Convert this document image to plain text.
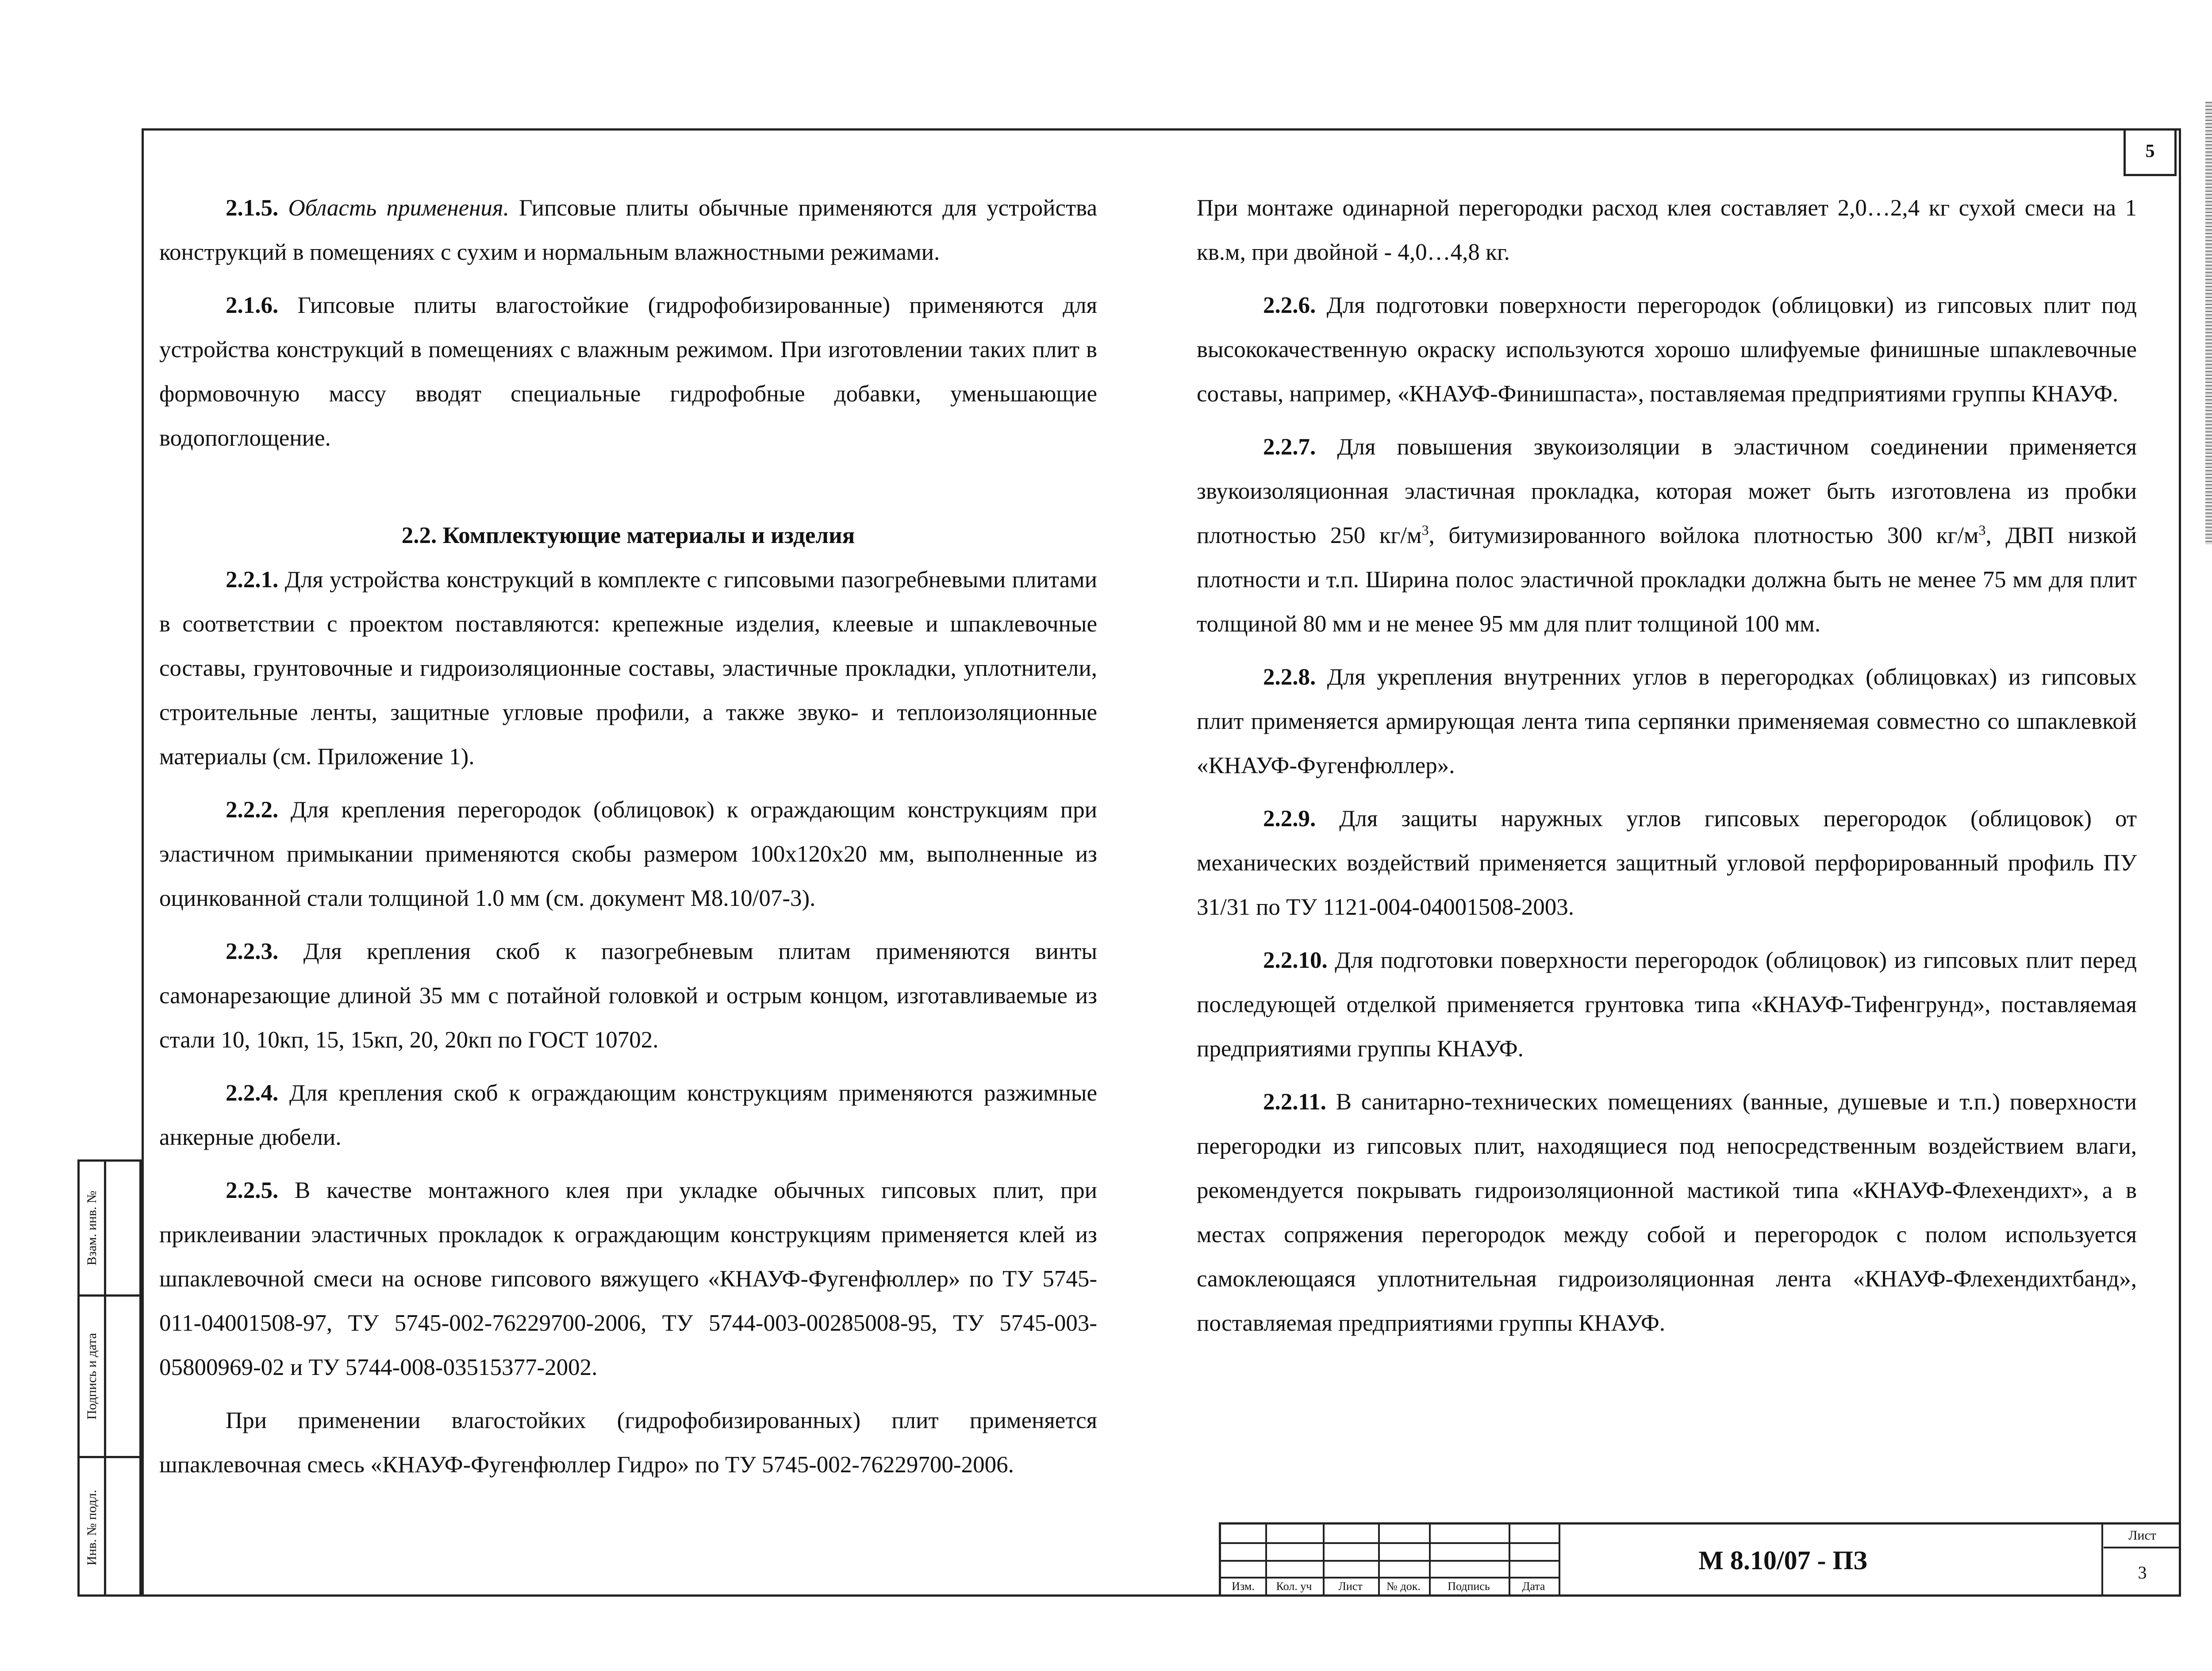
5

2.1.5. Область применения. Гипсовые плиты обычные применяются для устройства конструкций в помещениях с сухим и нормальным влажностными режимами.

2.1.6. Гипсовые плиты влагостойкие (гидрофобизированные) применяются для устройства конструкций в помещениях с влажным режимом. При изготовлении таких плит в формовочную массу вводят специальные гидрофобные добавки, уменьшающие водопоглощение.

2.2. Комплектующие материалы и изделия

2.2.1. Для устройства конструкций в комплекте с гипсовыми пазогребневыми плитами в соответствии с проектом поставляются: крепежные изделия, клеевые и шпаклевочные составы, грунтовочные и гидроизоляционные составы, эластичные прокладки, уплотнители, строительные ленты, защитные угловые профили, а также звуко- и теплоизоляционные материалы (см. Приложение 1).

2.2.2. Для крепления перегородок (облицовок) к ограждающим конструкциям при эластичном примыкании применяются скобы размером 100х120х20 мм, выполненные из оцинкованной стали толщиной 1.0 мм (см. документ М8.10/07-3).

2.2.3. Для крепления скоб к пазогребневым плитам применяются винты самонарезающие длиной 35 мм с потайной головкой и острым концом, изготавливаемые из стали 10, 10кп, 15, 15кп, 20, 20кп по ГОСТ 10702.

2.2.4. Для крепления скоб к ограждающим конструкциям применяются разжимные анкерные дюбели.

2.2.5. В качестве монтажного клея при укладке обычных гипсовых плит, при приклеивании эластичных прокладок к ограждающим конструкциям применяется клей из шпаклевочной смеси на основе гипсового вяжущего «КНАУФ-Фугенфюллер» по ТУ 5745-011-04001508-97, ТУ 5745-002-76229700-2006, ТУ 5744-003-00285008-95, ТУ 5745-003-05800969-02 и ТУ 5744-008-03515377-2002.

При применении влагостойких (гидрофобизированных) плит применяется шпаклевочная смесь «КНАУФ-Фугенфюллер Гидро» по ТУ 5745-002-76229700-2006.

При монтаже одинарной перегородки расход клея составляет 2,0…2,4 кг сухой смеси на 1 кв.м, при двойной - 4,0…4,8 кг.

2.2.6. Для подготовки поверхности перегородок (облицовки) из гипсовых плит под высококачественную окраску используются хорошо шлифуемые финишные шпаклевочные составы, например, «КНАУФ-Финишпаста», поставляемая предприятиями группы КНАУФ.

2.2.7. Для повышения звукоизоляции в эластичном соединении применяется звукоизоляционная эластичная прокладка, которая может быть изготовлена из пробки плотностью 250 $кг/м^3$, битумизированного войлока плотностью 300 $кг/м^3$, ДВП низкой плотности и т.п. Ширина полос эластичной прокладки должна быть не менее 75 мм для плит толщиной 80 мм и не менее 95 мм для плит толщиной 100 мм.

2.2.8. Для укрепления внутренних углов в перегородках (облицовках) из гипсовых плит применяется армирующая лента типа серпянки применяемая совместно со шпаклевкой «КНАУФ-Фугенфюллер».

2.2.9. Для защиты наружных углов гипсовых перегородок (облицовок) от механических воздействий применяется защитный угловой перфорированный профиль ПУ 31/31 по ТУ 1121-004-04001508-2003.

2.2.10. Для подготовки поверхности перегородок (облицовок) из гипсовых плит перед последующей отделкой применяется грунтовка типа «КНАУФ-Тифенгрунд», поставляемая предприятиями группы КНАУФ.

2.2.11. В санитарно-технических помещениях (ванные, душевые и т.п.) поверхности перегородки из гипсовых плит, находящиеся под непосредственным воздействием влаги, рекомендуется покрывать гидроизоляционной мастикой типа «КНАУФ-Флехендихт», а в местах сопряжения перегородок между собой и перегородок с полом используется самоклеющаяся уплотнительная гидроизоляционная лента «КНАУФ-Флехендихтбанд», поставляемая предприятиями группы КНАУФ.

Взам. инв. №
Подпись и дата
Инв. № подл.
Изм.	Кол. уч	Лист	№ док.	Подпись	Дата
М 8.10/07 - ПЗ
Лист
3
